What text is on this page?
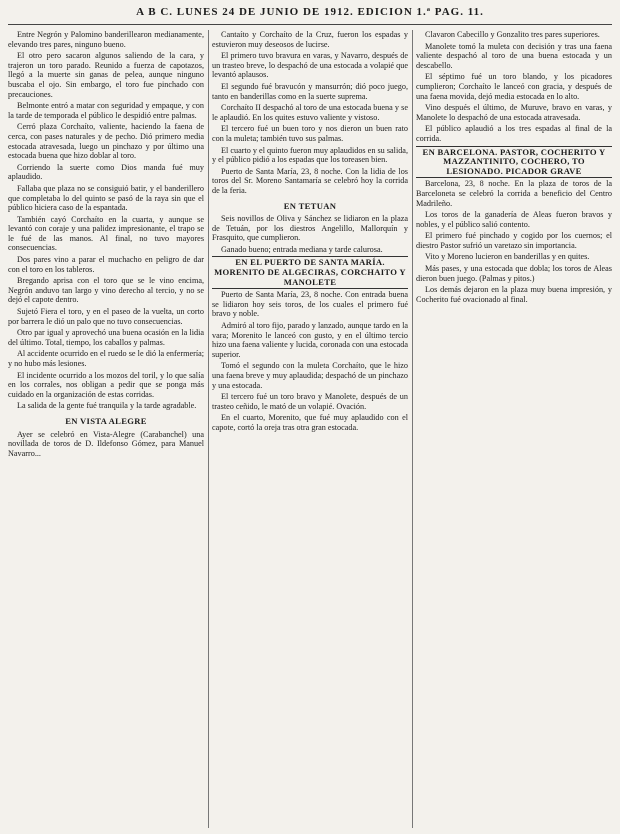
A B C. LUNES 24 DE JUNIO DE 1912. EDICION 1.ª PAG. 11.
Entre Negrón y Palomino banderillearon medianamente, elevando tres pares, ninguno bueno.
El otro pero sacaron algunos saliendo de la cara, y trajeron un toro parado. Reunido a fuerza de capotazos, llegó a la muerte sin ganas de pelea, aunque ninguno buscaba el ojo. Sin embargo, el toro fue pinchado con precauciones.
Belmonte entró a matar con seguridad y empaque, y con la tarde de temporada el público le despidió entre palmas.
Cerró plaza Corchaíto, valiente, haciendo la faena de cerca, con pases naturales y de pecho. Dió primero media estocada atravesada, luego un pinchazo y por último una estocada buena que hizo doblar al toro.
Corriendo la suerte como Dios manda fué muy aplaudido.
Fallaba que plaza no se consiguió batir, y el banderillero que completaba lo del quinto se pasó de la raya sin que el público hiciera caso de la espantada.
También cayó Corchaíto en la cuarta, y aunque se levantó con coraje y una palidez impresionante, el trapo se le fué de las manos. Al final, no tuvo mayores consecuencias.
Dos pares vino a parar el muchacho en peligro de dar con el toro en los tableros.
Bregando aprisa con el toro que se le vino encima, Negrón anduvo tan largo y vino derecho al tercio, y no se dejó el capote dentro.
Sujetó Fiera el toro, y en el paseo de la vuelta, un corto por barrera le dió un palo que no tuvo consecuencias.
Otro par igual y aprovechó una buena ocasión en la lidia del último. Total, tiempo, los caballos y palmas.
Al accidente ocurrido en el ruedo se le dió la enfermería; y no hubo más lesiones.
El incidente ocurrido a los mozos del toril, y lo que salía en los corrales, nos obligan a pedir que se ponga más cuidado en la organización de estas corridas.
La salida de la gente fué tranquila y la tarde agradable.
EN VISTA ALEGRE
Ayer se celebró en Vista-Alegre (Carabanchel) una novillada de toros de D. Ildefonso Gómez, para Manuel Navarro...
Cantaíto y Corchaíto de la Cruz, fueron los espadas y estuvieron muy deseosos de lucirse.
El primero tuvo bravura en varas, y Navarro, después de un trasteo breve, lo despachó de una estocada a volapié que levantó aplausos.
El segundo fué bravucón y mansurrón; dió poco juego, tanto en banderillas como en la suerte suprema.
Corchaíto II despachó al toro de una estocada buena y se le aplaudió. En los quites estuvo valiente y vistoso.
El tercero fué un buen toro y nos dieron un buen rato con la muleta; también tuvo sus palmas.
El cuarto y el quinto fueron muy aplaudidos en su salida, y el público pidió a los espadas que los toreasen bien.
Puerto de Santa María, 23, 8 noche. Con la lidia de los toros del Sr. Moreno Santamaría se celebró hoy la corrida de la feria.
EN TETUAN
Seis novillos de Oliva y Sánchez se lidiaron en la plaza de Tetuán, por los diestros Angelillo, Mallorquín y Frasquito, que cumplieron.
Ganado bueno; entrada mediana y tarde calurosa.
EN EL PUERTO DE SANTA MARÍA. MORENITO DE ALGECIRAS, CORCHAITO Y MANOLETE
Puerto de Santa María, 23, 8 noche. Con entrada buena se lidiaron hoy seis toros, de los cuales el primero fué bravo y noble.
Admiró al toro fijo, parado y lanzado, aunque tardo en la vara; Morenito le lanceó con gusto, y en el último tercio hizo una faena valiente y lucida, coronada con una estocada superior.
Tomó el segundo con la muleta Corchaíto, que le hizo una faena breve y muy aplaudida; despachó de un pinchazo y una estocada.
El tercero fué un toro bravo y Manolete, después de un trasteo ceñido, le mató de un volapié. Ovación.
En el cuarto, Morenito, que fué muy aplaudido con el capote, cortó la oreja tras otra gran estocada.
Clavaron Cabecillo y Gonzalito tres pares superiores.
Manolete tomó la muleta con decisión y tras una faena valiente despachó al toro de una buena estocada y un descabello.
El séptimo fué un toro blando, y los picadores cumplieron; Corchaíto le lanceó con gracia, y después de una faena movida, dejó media estocada en lo alto.
Vino después el último, de Muruve, bravo en varas, y Manolete lo despachó de una estocada atravesada.
El público aplaudió a los tres espadas al final de la corrida.
EN BARCELONA. PASTOR, COCHERITO Y MAZZANTINITO, COCHERO, TO LESIONADO. PICADOR GRAVE
Barcelona, 23, 8 noche. En la plaza de toros de la Barceloneta se celebró la corrida a beneficio del Centro Madrileño.
Los toros de la ganadería de Aleas fueron bravos y nobles, y el público salió contento.
El primero fué pinchado y cogido por los cuernos; el diestro Pastor sufrió un varetazo sin importancia.
Vito y Moreno lucieron en banderillas y en quites.
Más pases, y una estocada que dobla; los toros de Aleas dieron buen juego. (Palmas y pitos.)
Los demás dejaron en la plaza muy buena impresión, y Cocherito fué ovacionado al final.
